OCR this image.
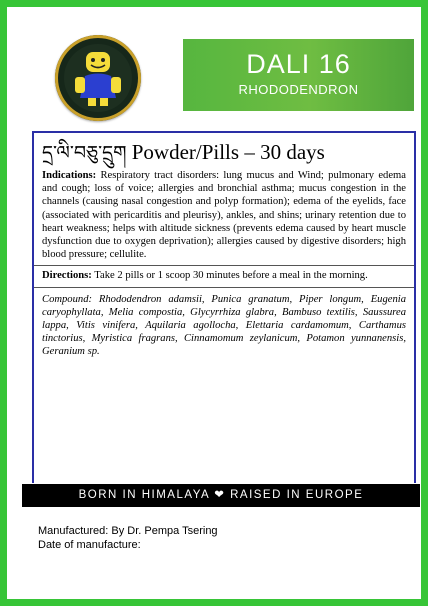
DALI 16
RHODODENDRON
དྲ་ལི་བཅུ་དྲུག Powder/Pills – 30 days
Indications: Respiratory tract disorders: lung mucus and Wind; pulmonary edema and cough; loss of voice; allergies and bronchial asthma; mucus congestion in the channels (causing nasal congestion and polyp formation); edema of the eyelids, face (associated with pericarditis and pleurisy), ankles, and shins; urinary retention due to heart weakness; helps with altitude sickness (prevents edema caused by heart muscle dysfunction due to oxygen deprivation); allergies caused by digestive disorders; high blood pressure; cellulite.
Directions: Take 2 pills or 1 scoop 30 minutes before a meal in the morning.
Compound: Rhododendron adamsii, Punica granatum, Piper longum, Eugenia caryophyllata, Melia compostia, Glycyrrhiza glabra, Bambuso textilis, Saussurea lappa, Vitis vinifera, Aquilaria agollocha, Elettaria cardamomum, Carthamus tinctorius, Myristica fragrans, Cinnamomum zeylanicum, Potamon yunnanensis, Geranium sp.
BORN IN HIMALAYA ❤ RAISED IN EUROPE
Manufactured: By Dr. Pempa Tsering
Date of manufacture:
